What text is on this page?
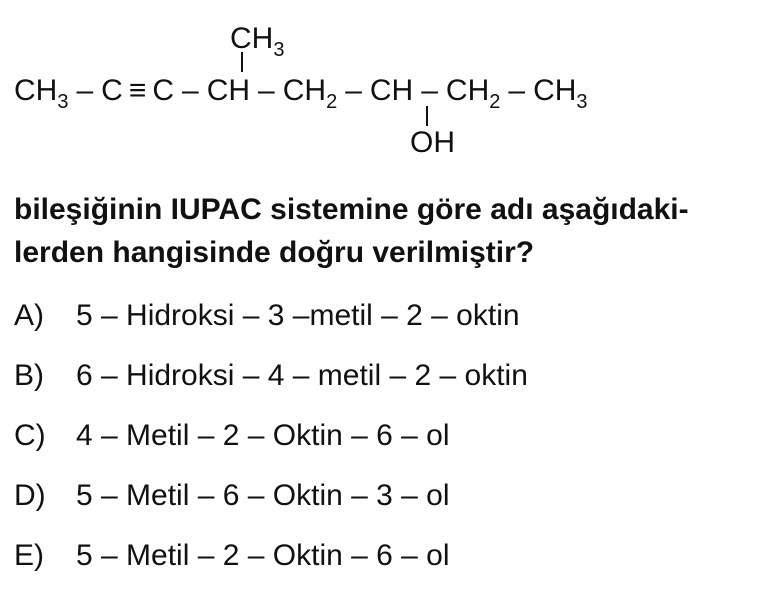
$CH_3$
$CH_3 - C \equiv C$ – CH – $CH_2$ – CH – $CH_2 - CH_3$
OH
bileşiğinin IUPAC sistemine göre adı aşağıdaki-
lerden hangisinde doğru verilmiştir?
A)	5 – Hidroksi – 3 –metil – 2 – oktin
B)	6 – Hidroksi – 4 – metil – 2 – oktin
C)	4 – Metil – 2 – Oktin – 6 – ol
D)	5 – Metil – 6 – Oktin – 3 – ol
E)	5 – Metil – 2 – Oktin – 6 – ol
